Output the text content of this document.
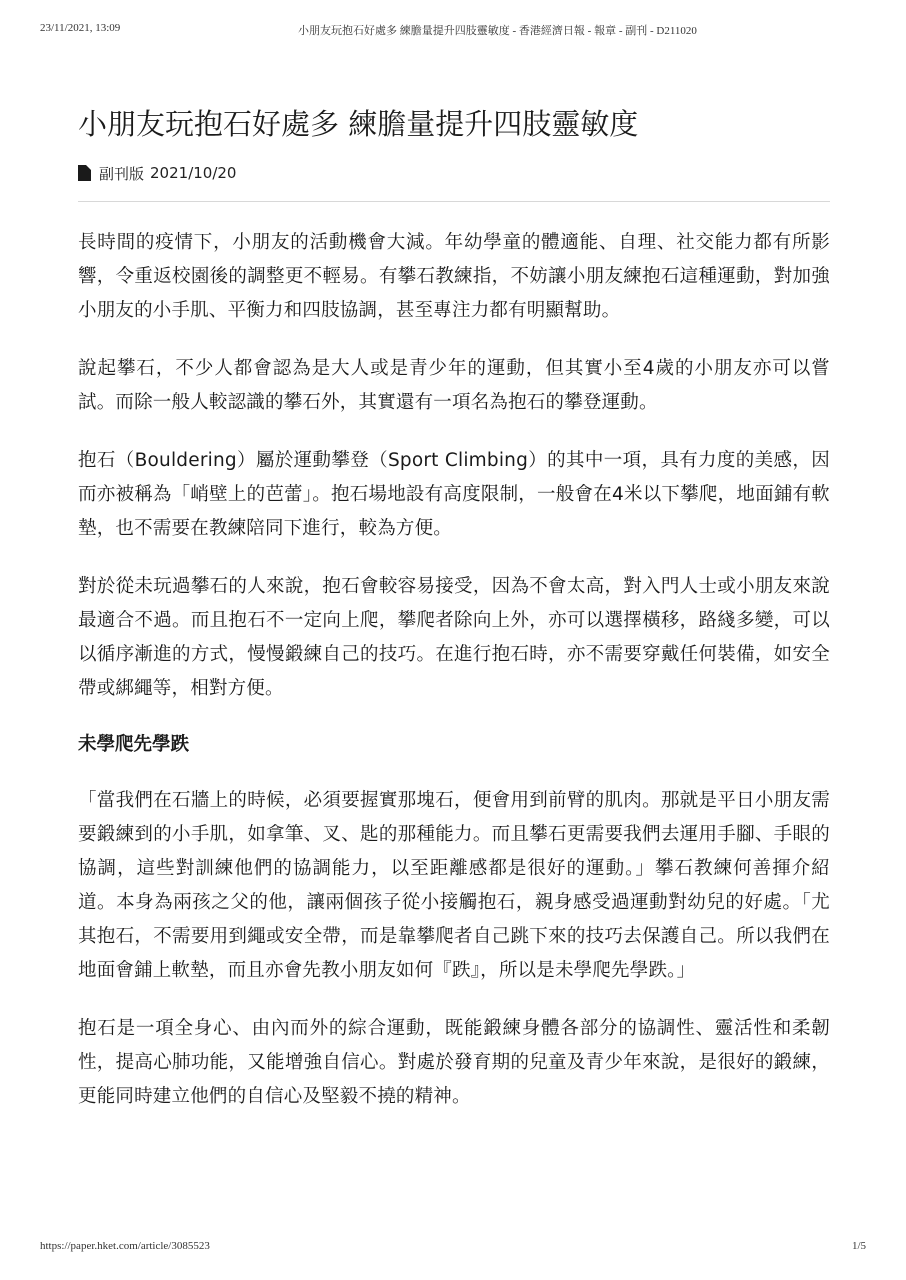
23/11/2021, 13:09	小朋友玩抱石好處多 練膽量提升四肢靈敏度 - 香港經濟日報 - 報章 - 副刊 - D211020
小朋友玩抱石好處多 練膽量提升四肢靈敏度
副刊版 2021/10/20

長時間的疫情下，小朋友的活動機會大減。年幼學童的體適能、自理、社交能力都有所影響，令重返校園後的調整更不輕易。有攀石教練指，不妨讓小朋友練抱石這種運動，對加強小朋友的小手肌、平衡力和四肢協調，甚至專注力都有明顯幫助。

說起攀石，不少人都會認為是大人或是青少年的運動，但其實小至4歲的小朋友亦可以嘗試。而除一般人較認識的攀石外，其實還有一項名為抱石的攀登運動。

抱石（Bouldering）屬於運動攀登（Sport Climbing）的其中一項，具有力度的美感，因而亦被稱為「峭壁上的芭蕾」。抱石場地設有高度限制，一般會在4米以下攀爬，地面鋪有軟墊，也不需要在教練陪同下進行，較為方便。

對於從未玩過攀石的人來說，抱石會較容易接受，因為不會太高，對入門人士或小朋友來說最適合不過。而且抱石不一定向上爬，攀爬者除向上外，亦可以選擇橫移，路綫多變，可以以循序漸進的方式，慢慢鍛練自己的技巧。在進行抱石時，亦不需要穿戴任何裝備，如安全帶或綁繩等，相對方便。

未學爬先學跌

「當我們在石牆上的時候，必須要握實那塊石，便會用到前臂的肌肉。那就是平日小朋友需要鍛練到的小手肌，如拿筆、叉、匙的那種能力。而且攀石更需要我們去運用手腳、手眼的協調，這些對訓練他們的協調能力，以至距離感都是很好的運動。」攀石教練何善揮介紹道。本身為兩孩之父的他，讓兩個孩子從小接觸抱石，親身感受過運動對幼兒的好處。「尤其抱石，不需要用到繩或安全帶，而是靠攀爬者自己跳下來的技巧去保護自己。所以我們在地面會鋪上軟墊，而且亦會先教小朋友如何『跌』，所以是未學爬先學跌。」

抱石是一項全身心、由內而外的綜合運動，既能鍛練身體各部分的協調性、靈活性和柔韌性，提高心肺功能，又能增強自信心。對處於發育期的兒童及青少年來說，是很好的鍛練，更能同時建立他們的自信心及堅毅不撓的精神。

https://paper.hket.com/article/3085523	1/5
